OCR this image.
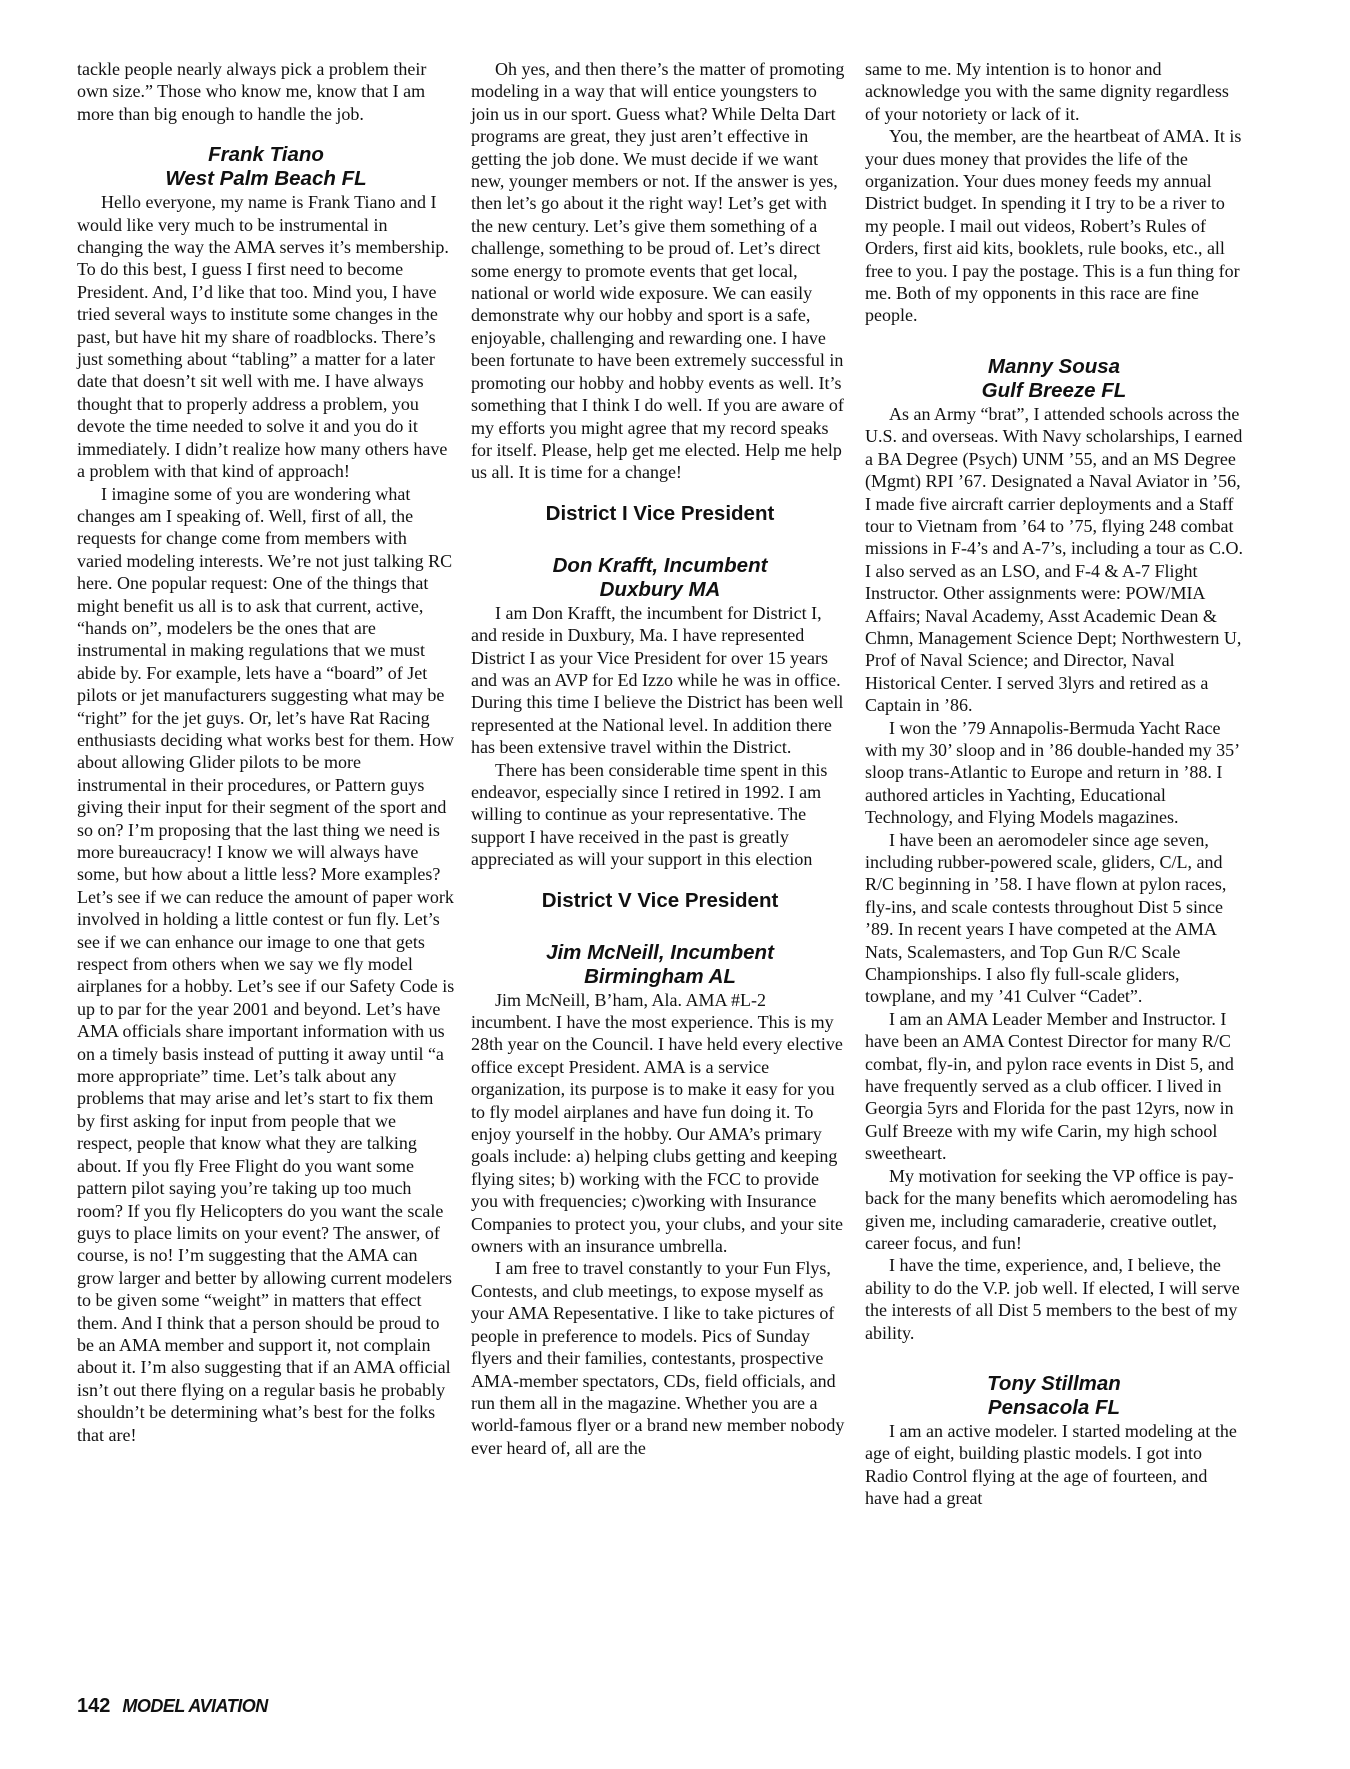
tackle people nearly always pick a problem their own size.” Those who know me, know that I am more than big enough to handle the job.

Frank Tiano
West Palm Beach FL

Hello everyone, my name is Frank Tiano and I would like very much to be instrumental in changing the way the AMA serves it’s membership. To do this best, I guess I first need to become President. And, I’d like that too. Mind you, I have tried several ways to institute some changes in the past, but have hit my share of roadblocks. There’s just something about “tabling” a matter for a later date that doesn’t sit well with me. I have always thought that to properly address a problem, you devote the time needed to solve it and you do it immediately. I didn’t realize how many others have a problem with that kind of approach!

I imagine some of you are wondering what changes am I speaking of. Well, first of all, the requests for change come from members with varied modeling interests. We’re not just talking RC here. One popular request: One of the things that might benefit us all is to ask that current, active, “hands on”, modelers be the ones that are instrumental in making regulations that we must abide by. For example, lets have a “board” of Jet pilots or jet manufacturers suggesting what may be “right” for the jet guys. Or, let’s have Rat Racing enthusiasts deciding what works best for them. How about allowing Glider pilots to be more instrumental in their procedures, or Pattern guys giving their input for their segment of the sport and so on? I’m proposing that the last thing we need is more bureaucracy! I know we will always have some, but how about a little less? More examples? Let’s see if we can reduce the amount of paper work involved in holding a little contest or fun fly. Let’s see if we can enhance our image to one that gets respect from others when we say we fly model airplanes for a hobby. Let’s see if our Safety Code is up to par for the year 2001 and beyond. Let’s have AMA officials share important information with us on a timely basis instead of putting it away until “a more appropriate” time. Let’s talk about any problems that may arise and let’s start to fix them by first asking for input from people that we respect, people that know what they are talking about. If you fly Free Flight do you want some pattern pilot saying you’re taking up too much room? If you fly Helicopters do you want the scale guys to place limits on your event? The answer, of course, is no! I’m suggesting that the AMA can grow larger and better by allowing current modelers to be given some “weight” in matters that effect them. And I think that a person should be proud to be an AMA member and support it, not complain about it. I’m also suggesting that if an AMA official isn’t out there flying on a regular basis he probably shouldn’t be determining what’s best for the folks that are!

Oh yes, and then there’s the matter of promoting modeling in a way that will entice youngsters to join us in our sport. Guess what? While Delta Dart programs are great, they just aren’t effective in getting the job done. We must decide if we want new, younger members or not. If the answer is yes, then let’s go about it the right way! Let’s get with the new century. Let’s give them something of a challenge, something to be proud of. Let’s direct some energy to promote events that get local, national or world wide exposure. We can easily demonstrate why our hobby and sport is a safe, enjoyable, challenging and rewarding one. I have been fortunate to have been extremely successful in promoting our hobby and hobby events as well. It’s something that I think I do well. If you are aware of my efforts you might agree that my record speaks for itself. Please, help get me elected. Help me help us all. It is time for a change!

District I Vice President
Don Krafft, Incumbent
Duxbury MA

I am Don Krafft, the incumbent for District I, and reside in Duxbury, Ma. I have represented District I as your Vice President for over 15 years and was an AVP for Ed Izzo while he was in office. During this time I believe the District has been well represented at the National level. In addition there has been extensive travel within the District.

There has been considerable time spent in this endeavor, especially since I retired in 1992. I am willing to continue as your representative. The support I have received in the past is greatly appreciated as will your support in this election

District V Vice President
Jim McNeill, Incumbent
Birmingham AL

Jim McNeill, B’ham, Ala. AMA #L-2 incumbent. I have the most experience. This is my 28th year on the Council. I have held every elective office except President. AMA is a service organization, its purpose is to make it easy for you to fly model airplanes and have fun doing it. To enjoy yourself in the hobby. Our AMA’s primary goals include: a) helping clubs getting and keeping flying sites; b) working with the FCC to provide you with frequencies; c)working with Insurance Companies to protect you, your clubs, and your site owners with an insurance umbrella.

I am free to travel constantly to your Fun Flys, Contests, and club meetings, to expose myself as your AMA Repesentative. I like to take pictures of people in preference to models. Pics of Sunday flyers and their families, contestants, prospective AMA-member spectators, CDs, field officials, and run them all in the magazine. Whether you are a world-famous flyer or a brand new member nobody ever heard of, all are the

same to me. My intention is to honor and acknowledge you with the same dignity regardless of your notoriety or lack of it.

You, the member, are the heartbeat of AMA. It is your dues money that provides the life of the organization. Your dues money feeds my annual District budget. In spending it I try to be a river to my people. I mail out videos, Robert’s Rules of Orders, first aid kits, booklets, rule books, etc., all free to you. I pay the postage. This is a fun thing for me. Both of my opponents in this race are fine people.

Manny Sousa
Gulf Breeze FL

As an Army “brat”, I attended schools across the U.S. and overseas. With Navy scholarships, I earned a BA Degree (Psych) UNM ’55, and an MS Degree (Mgmt) RPI ’67. Designated a Naval Aviator in ’56, I made five aircraft carrier deployments and a Staff tour to Vietnam from ’64 to ’75, flying 248 combat missions in F-4’s and A-7’s, including a tour as C.O. I also served as an LSO, and F-4 & A-7 Flight Instructor. Other assignments were: POW/MIA Affairs; Naval Academy, Asst Academic Dean & Chmn, Management Science Dept; Northwestern U, Prof of Naval Science; and Director, Naval Historical Center. I served 3lyrs and retired as a Captain in ’86.

I won the ’79 Annapolis-Bermuda Yacht Race with my 30’ sloop and in ’86 double-handed my 35’ sloop trans-Atlantic to Europe and return in ’88. I authored articles in Yachting, Educational Technology, and Flying Models magazines.

I have been an aeromodeler since age seven, including rubber-powered scale, gliders, C/L, and R/C beginning in ’58. I have flown at pylon races, fly-ins, and scale contests throughout Dist 5 since ’89. In recent years I have competed at the AMA Nats, Scalemasters, and Top Gun R/C Scale Championships. I also fly full-scale gliders, towplane, and my ’41 Culver “Cadet”.

I am an AMA Leader Member and Instructor. I have been an AMA Contest Director for many R/C combat, fly-in, and pylon race events in Dist 5, and have frequently served as a club officer. I lived in Georgia 5yrs and Florida for the past 12yrs, now in Gulf Breeze with my wife Carin, my high school sweetheart.

My motivation for seeking the VP office is pay-back for the many benefits which aeromodeling has given me, including camaraderie, creative outlet, career focus, and fun!

I have the time, experience, and, I believe, the ability to do the V.P. job well. If elected, I will serve the interests of all Dist 5 members to the best of my ability.

Tony Stillman
Pensacola FL

I am an active modeler. I started modeling at the age of eight, building plastic models. I got into Radio Control flying at the age of fourteen, and have had a great

142 MODEL AVIATION
